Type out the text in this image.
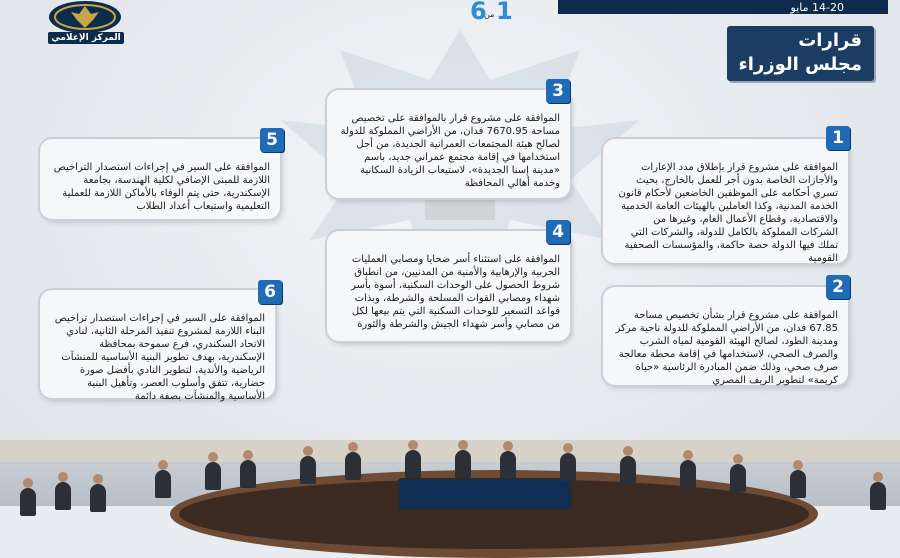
14-20 مايو
المركز الإعلامي
6
من 1
قرارات
مجلس الوزراء

الموافقة على مشروع قرار بإطلاق مدد الإعارات والأجازات الخاصة بدون أجر للعمل بالخارج، بحيث تسري أحكامه على الموظفين الخاضعين لأحكام قانون الخدمة المدنية، وكذا العاملين بالهيئات العامة الخدمية والاقتصادية، وقطاع الأعمال العام، وغيرها من الشركات المملوكة بالكامل للدولة، والشركات التي تملك فيها الدولة حصة حاكمة، والمؤسسات الصحفية القومية

1

الموافقة على مشروع قرار بشأن تخصيص مساحة 67.85 فدان، من الأراضي المملوكة للدولة ناحية مركز ومدينة الطود، لصالح الهيئة القومية لمياه الشرب والصرف الصحي، لاستخدامها في إقامة محطة معالجة صرف صحي، وذلك ضمن المبادرة الرئاسية «حياة كريمة» لتطوير الريف المصري

2

الموافقة على مشروع قرار بالموافقة على تخصيص مساحة 7670.95 فدان، من الأراضي المملوكة للدولة لصالح هيئة المجتمعات العمرانية الجديدة، من أجل استخدامها في إقامة مجتمع عمراني جديد، باسم «مدينة إسنا الجديدة»، لاستيعاب الزيادة السكانية وخدمة أهالي المحافظة

3

الموافقة على استثناء أسر ضحايا ومصابي العمليات الحربية والإرهابية والأمنية من المدنيين، من انطباق شروط الحصول على الوحدات السكنية، أسوة بأسر شهداء ومصابي القوات المسلحة والشرطة، وبذات قواعد التسعير للوحدات السكنية التي يتم بيعها لكل من مصابي وأسر شهداء الجيش والشرطة والثورة

4

الموافقة على السير في إجراءات استصدار التراخيص اللازمة للمبنى الإضافي لكلية الهندسة، بجامعة الإسكندرية، حتى يتم الوفاء بالأماكن اللازمة للعملية التعليمية واستيعاب أعداد الطلاب

5

الموافقة على السير في إجراءات استصدار تراخيص البناء اللازمة لمشروع تنفيذ المرحلة الثانية، لنادي الاتحاد السكندري، فرع سموحة بمحافظة الإسكندرية، بهدف تطوير البنية الأساسية للمنشآت الرياضية والأندية، لتطوير النادي بأفضل صورة حضارية، تتفق وأسلوب العصر، وتأهيل البنية الأساسية والمنشآت بصفة دائمة

6
